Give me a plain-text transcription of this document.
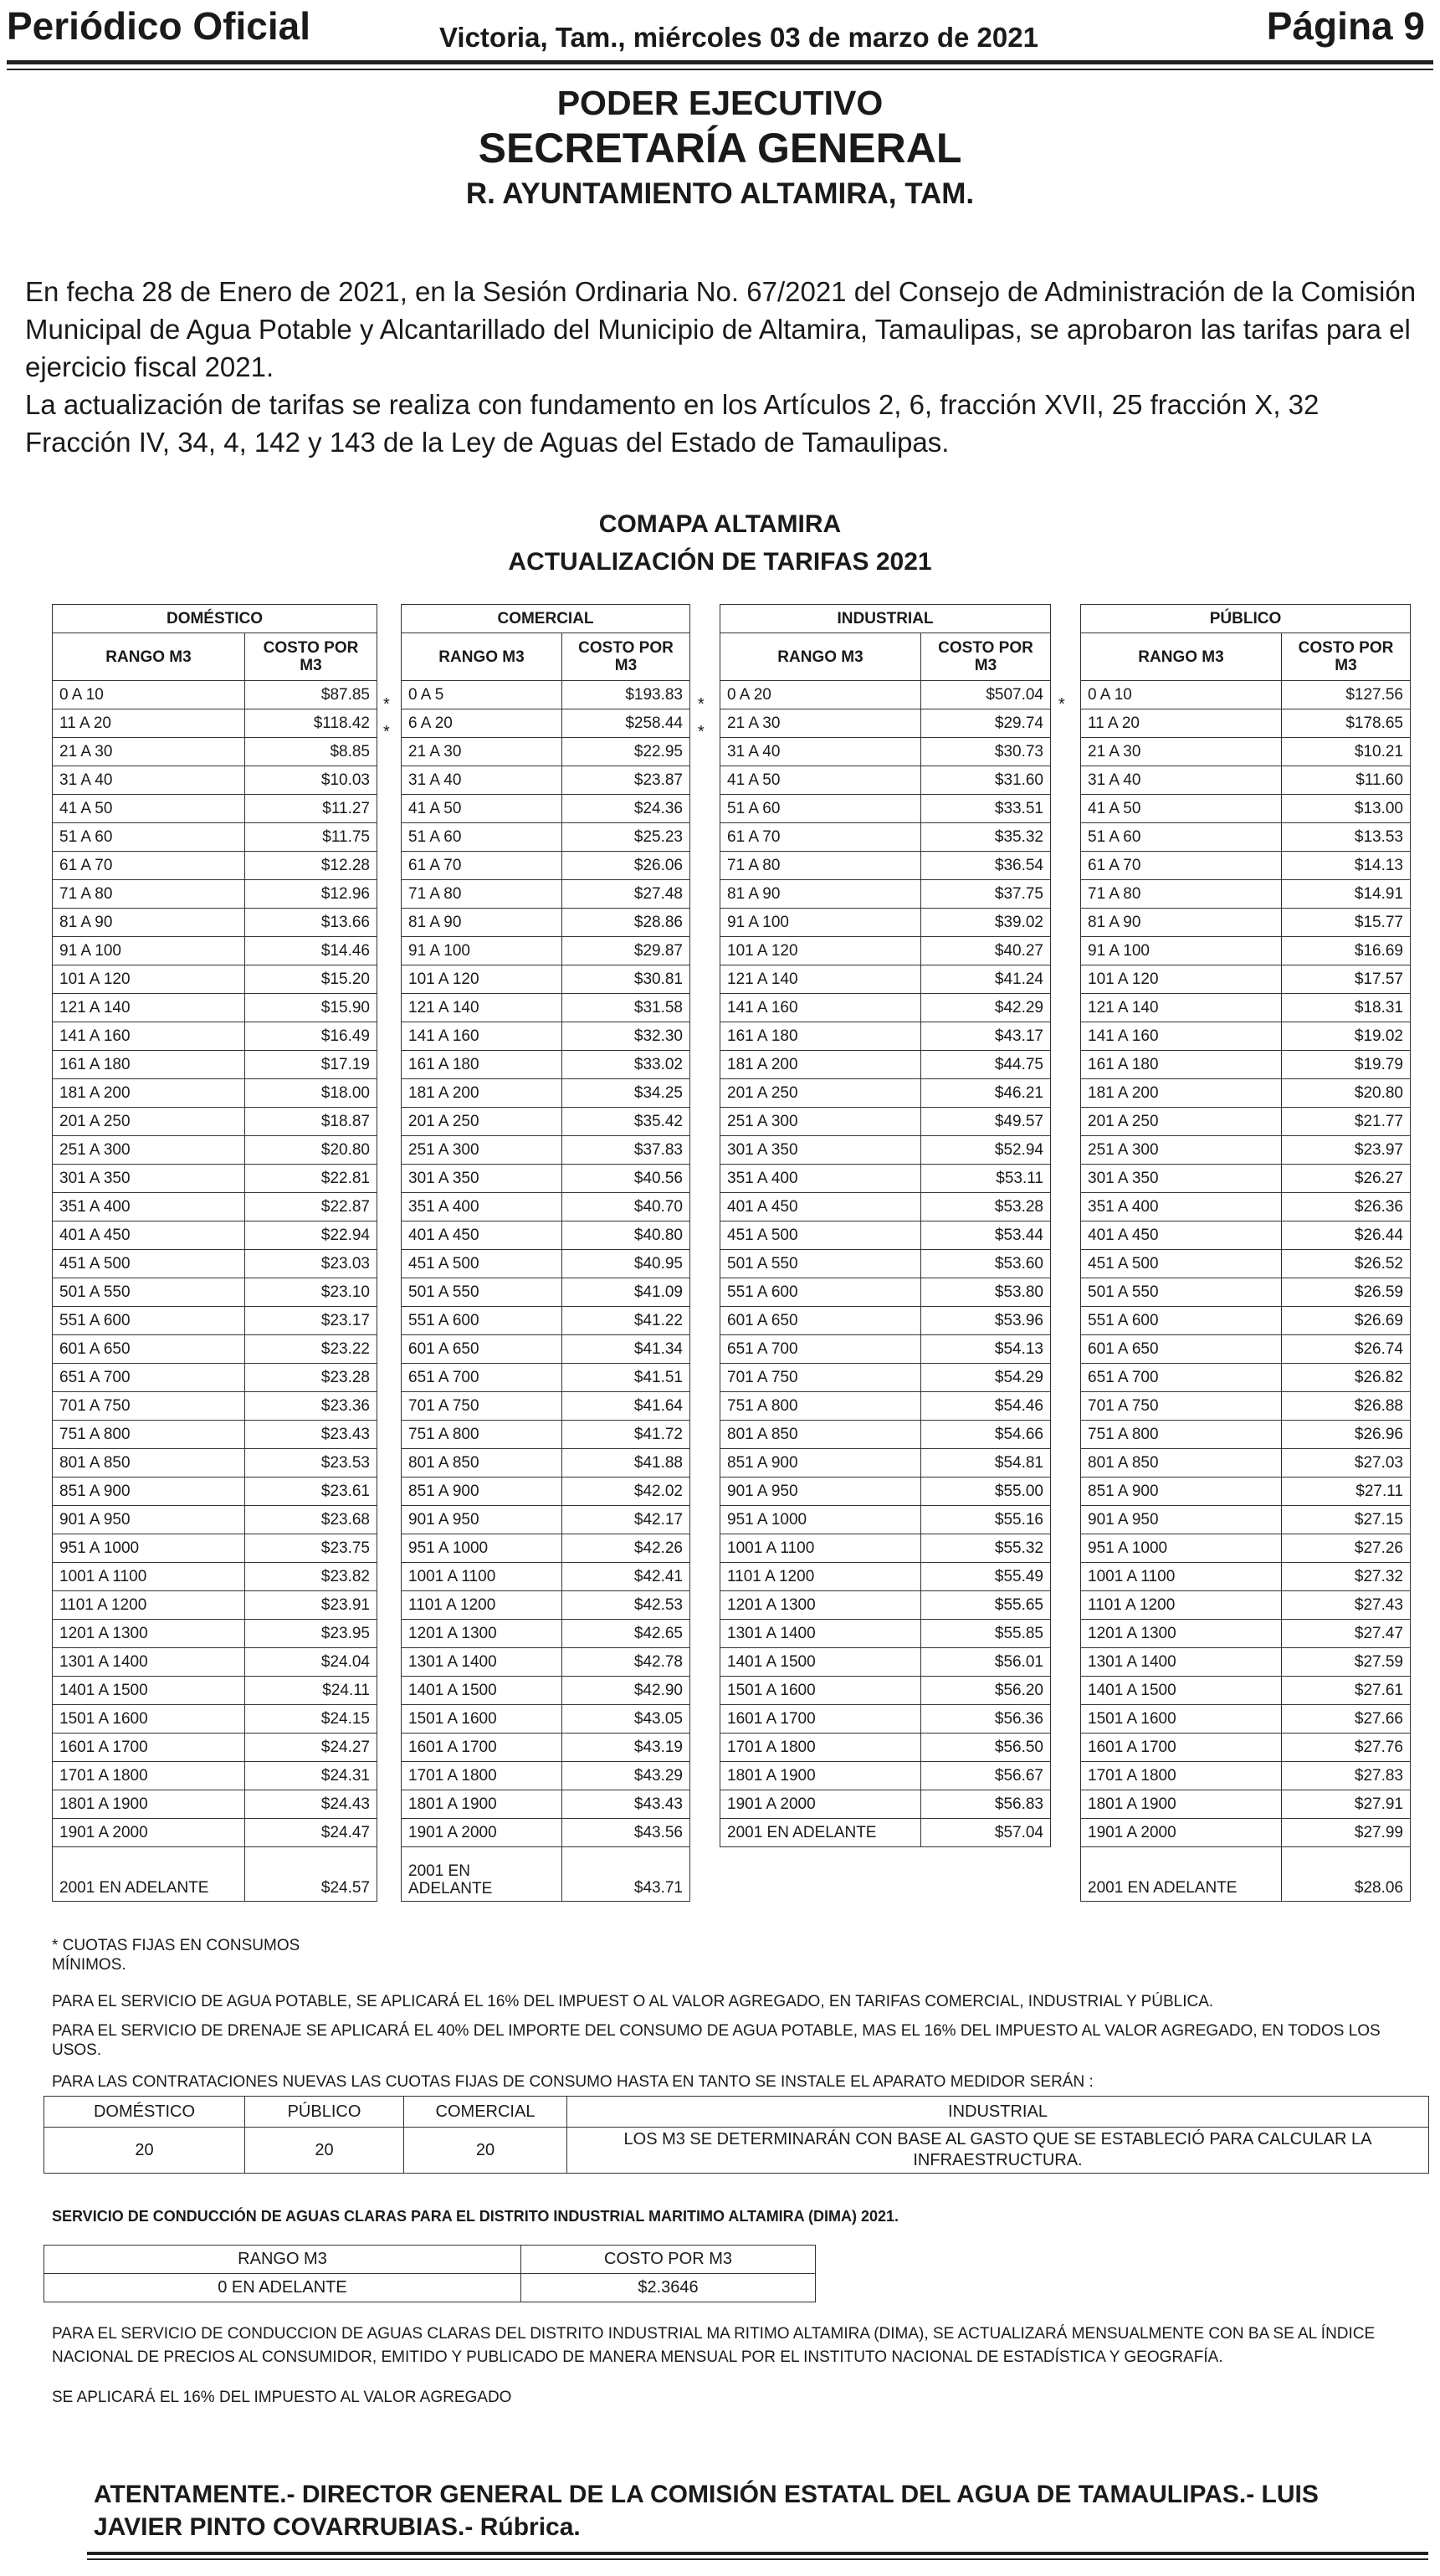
Periódico Oficial	Victoria, Tam., miércoles 03 de marzo de 2021	Página 9
PODER EJECUTIVO
SECRETARÍA GENERAL
R. AYUNTAMIENTO ALTAMIRA, TAM.
En fecha 28 de Enero de 2021, en la Sesión Ordinaria No. 67/2021 del Consejo de Administración de la Comisión Municipal de Agua Potable y Alcantarillado del Municipio de Altamira, Tamaulipas, se aprobaron las tarifas para el ejercicio fiscal 2021.
La actualización de tarifas se realiza con fundamento en los Artículos 2, 6, fracción XVII, 25 fracción X, 32 Fracción IV, 34, 4, 142 y 143 de la Ley de Aguas del Estado de Tamaulipas.
COMAPA ALTAMIRA
ACTUALIZACIÓN DE TARIFAS 2021
DOMÉSTICO	
RANGO M3	COSTO POR M3
0 A 10	$87.85
11 A 20	$118.42
21 A 30	$8.85
31 A 40	$10.03
41 A 50	$11.27
51 A 60	$11.75
61 A 70	$12.28
71 A 80	$12.96
81 A 90	$13.66
91 A 100	$14.46
101 A 120	$15.20
121 A 140	$15.90
141 A 160	$16.49
161 A 180	$17.19
181 A 200	$18.00
201 A 250	$18.87
251 A 300	$20.80
301 A 350	$22.81
351 A 400	$22.87
401 A 450	$22.94
451 A 500	$23.03
501 A 550	$23.10
551 A 600	$23.17
601 A 650	$23.22
651 A 700	$23.28
701 A 750	$23.36
751 A 800	$23.43
801 A 850	$23.53
851 A 900	$23.61
901 A 950	$23.68
951 A 1000	$23.75
1001 A 1100	$23.82
1101 A 1200	$23.91
1201 A 1300	$23.95
1301 A 1400	$24.04
1401 A 1500	$24.11
1501 A 1600	$24.15
1601 A 1700	$24.27
1701 A 1800	$24.31
1801 A 1900	$24.43
1901 A 2000	$24.47
2001 EN ADELANTE	$24.57
COMERCIAL	
RANGO M3	COSTO POR M3
0 A 5	$193.83
6 A 20	$258.44
21 A 30	$22.95
31 A 40	$23.87
41 A 50	$24.36
51 A 60	$25.23
61 A 70	$26.06
71 A 80	$27.48
81 A 90	$28.86
91 A 100	$29.87
101 A 120	$30.81
121 A 140	$31.58
141 A 160	$32.30
161 A 180	$33.02
181 A 200	$34.25
201 A 250	$35.42
251 A 300	$37.83
301 A 350	$40.56
351 A 400	$40.70
401 A 450	$40.80
451 A 500	$40.95
501 A 550	$41.09
551 A 600	$41.22
601 A 650	$41.34
651 A 700	$41.51
701 A 750	$41.64
751 A 800	$41.72
801 A 850	$41.88
851 A 900	$42.02
901 A 950	$42.17
951 A 1000	$42.26
1001 A 1100	$42.41
1101 A 1200	$42.53
1201 A 1300	$42.65
1301 A 1400	$42.78
1401 A 1500	$42.90
1501 A 1600	$43.05
1601 A 1700	$43.19
1701 A 1800	$43.29
1801 A 1900	$43.43
1901 A 2000	$43.56
2001 EN ADELANTE	$43.71
INDUSTRIAL	
RANGO M3	COSTO POR M3
0 A 20	$507.04
21 A 30	$29.74
31 A 40	$30.73
41 A 50	$31.60
51 A 60	$33.51
61 A 70	$35.32
71 A 80	$36.54
81 A 90	$37.75
91 A 100	$39.02
101 A 120	$40.27
121 A 140	$41.24
141 A 160	$42.29
161 A 180	$43.17
181 A 200	$44.75
201 A 250	$46.21
251 A 300	$49.57
301 A 350	$52.94
351 A 400	$53.11
401 A 450	$53.28
451 A 500	$53.44
501 A 550	$53.60
551 A 600	$53.80
601 A 650	$53.96
651 A 700	$54.13
701 A 750	$54.29
751 A 800	$54.46
801 A 850	$54.66
851 A 900	$54.81
901 A 950	$55.00
951 A 1000	$55.16
1001 A 1100	$55.32
1101 A 1200	$55.49
1201 A 1300	$55.65
1301 A 1400	$55.85
1401 A 1500	$56.01
1501 A 1600	$56.20
1601 A 1700	$56.36
1701 A 1800	$56.50
1801 A 1900	$56.67
1901 A 2000	$56.83
2001 EN ADELANTE	$57.04
PÚBLICO	
RANGO M3	COSTO POR M3
0 A 10	$127.56
11 A 20	$178.65
21 A 30	$10.21
31 A 40	$11.60
41 A 50	$13.00
51 A 60	$13.53
61 A 70	$14.13
71 A 80	$14.91
81 A 90	$15.77
91 A 100	$16.69
101 A 120	$17.57
121 A 140	$18.31
141 A 160	$19.02
161 A 180	$19.79
181 A 200	$20.80
201 A 250	$21.77
251 A 300	$23.97
301 A 350	$26.27
351 A 400	$26.36
401 A 450	$26.44
451 A 500	$26.52
501 A 550	$26.59
551 A 600	$26.69
601 A 650	$26.74
651 A 700	$26.82
701 A 750	$26.88
751 A 800	$26.96
801 A 850	$27.03
851 A 900	$27.11
901 A 950	$27.15
951 A 1000	$27.26
1001 A 1100	$27.32
1101 A 1200	$27.43
1201 A 1300	$27.47
1301 A 1400	$27.59
1401 A 1500	$27.61
1501 A 1600	$27.66
1601 A 1700	$27.76
1701 A 1800	$27.83
1801 A 1900	$27.91
1901 A 2000	$27.99
2001 EN ADELANTE	$28.06
*
*
*
*
*
* CUOTAS FIJAS EN CONSUMOS MÍNIMOS.
PARA EL SERVICIO DE AGUA POTABLE, SE APLICARÁ EL 16% DEL IMPUEST O AL VALOR AGREGADO, EN TARIFAS COMERCIAL, INDUSTRIAL Y PÚBLICA.
PARA EL SERVICIO DE DRENAJE SE APLICARÁ EL 40% DEL IMPORTE DEL CONSUMO DE AGUA POTABLE, MAS EL 16% DEL IMPUESTO AL VALOR AGREGADO, EN TODOS LOS USOS.
PARA LAS CONTRATACIONES NUEVAS LAS CUOTAS FIJAS DE CONSUMO HASTA EN TANTO SE INSTALE EL APARATO MEDIDOR SERÁN :
DOMÉSTICO	PÚBLICO	COMERCIAL	INDUSTRIAL
20	20	20	LOS M3 SE DETERMINARÁN CON BASE AL GASTO QUE SE ESTABLECIÓ PARA CALCULAR LA INFRAESTRUCTURA.
SERVICIO DE CONDUCCIÓN DE AGUAS CLARAS PARA EL DISTRITO INDUSTRIAL MARITIMO ALTAMIRA (DIMA) 2021.
RANGO M3	COSTO POR M3
0 EN ADELANTE	$2.3646
PARA EL SERVICIO DE CONDUCCION DE AGUAS CLARAS DEL DISTRITO INDUSTRIAL MA RITIMO ALTAMIRA (DIMA), SE ACTUALIZARÁ MENSUALMENTE CON BA SE AL ÍNDICE NACIONAL DE PRECIOS AL CONSUMIDOR, EMITIDO Y PUBLICADO DE MANERA MENSUAL POR EL INSTITUTO NACIONAL DE ESTADÍSTICA Y GEOGRAFÍA.
SE APLICARÁ EL 16% DEL IMPUESTO AL VALOR AGREGADO
ATENTAMENTE.- DIRECTOR GENERAL DE LA COMISIÓN ESTATAL DEL AGUA DE TAMAULIPAS.- LUIS JAVIER PINTO COVARRUBIAS.- Rúbrica.
